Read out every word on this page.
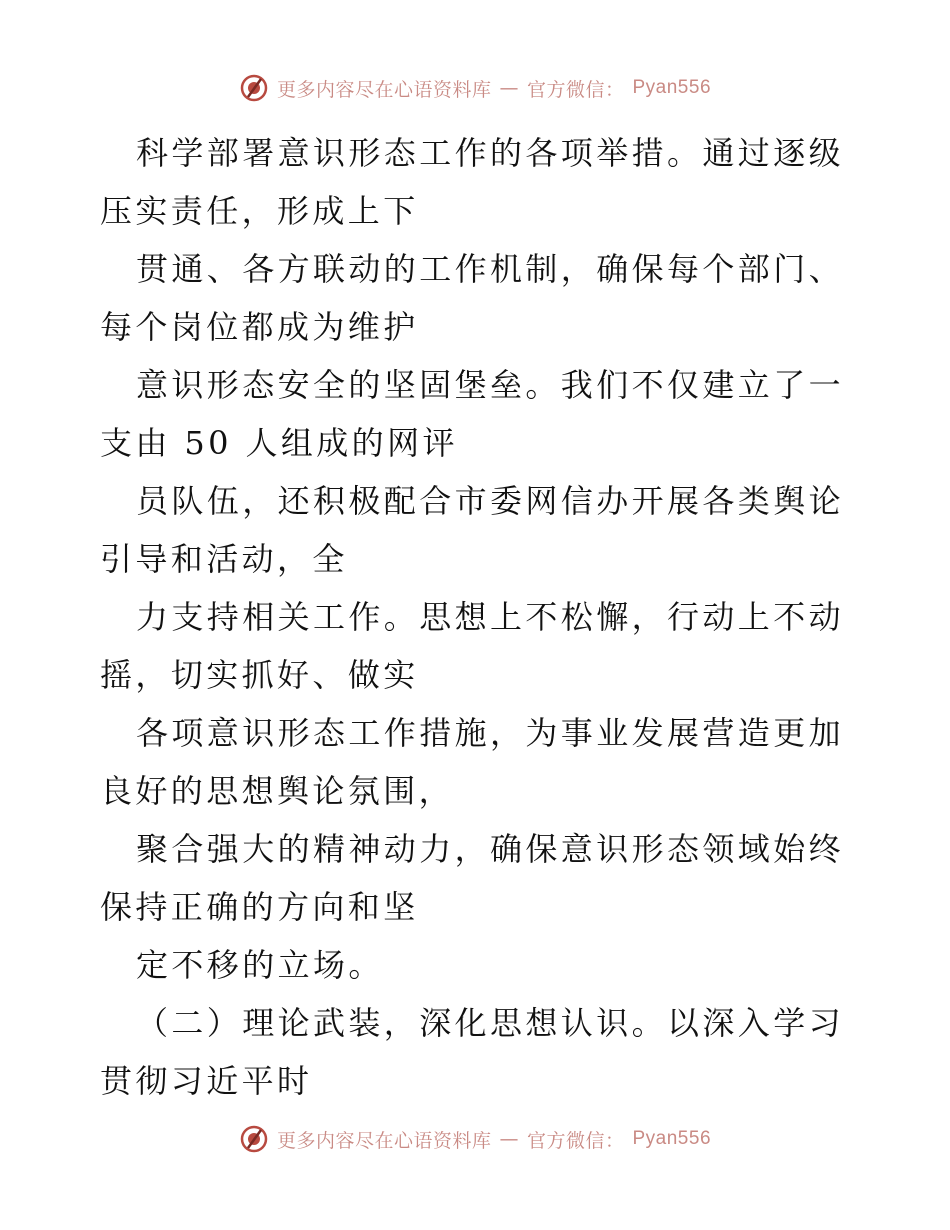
更多内容尽在心语资料库 — 官方微信： Pyan556

科学部署意识形态工作的各项举措。通过逐级压实责任，形成上下

贯通、各方联动的工作机制，确保每个部门、每个岗位都成为维护

意识形态安全的坚固堡垒。我们不仅建立了一支由 50 人组成的网评

员队伍，还积极配合市委网信办开展各类舆论引导和活动，全

力支持相关工作。思想上不松懈，行动上不动摇，切实抓好、做实

各项意识形态工作措施，为事业发展营造更加良好的思想舆论氛围，

聚合强大的精神动力，确保意识形态领域始终保持正确的方向和坚

定不移的立场。

（二）理论武装，深化思想认识。以深入学习贯彻习近平时

更多内容尽在心语资料库 — 官方微信： Pyan556
